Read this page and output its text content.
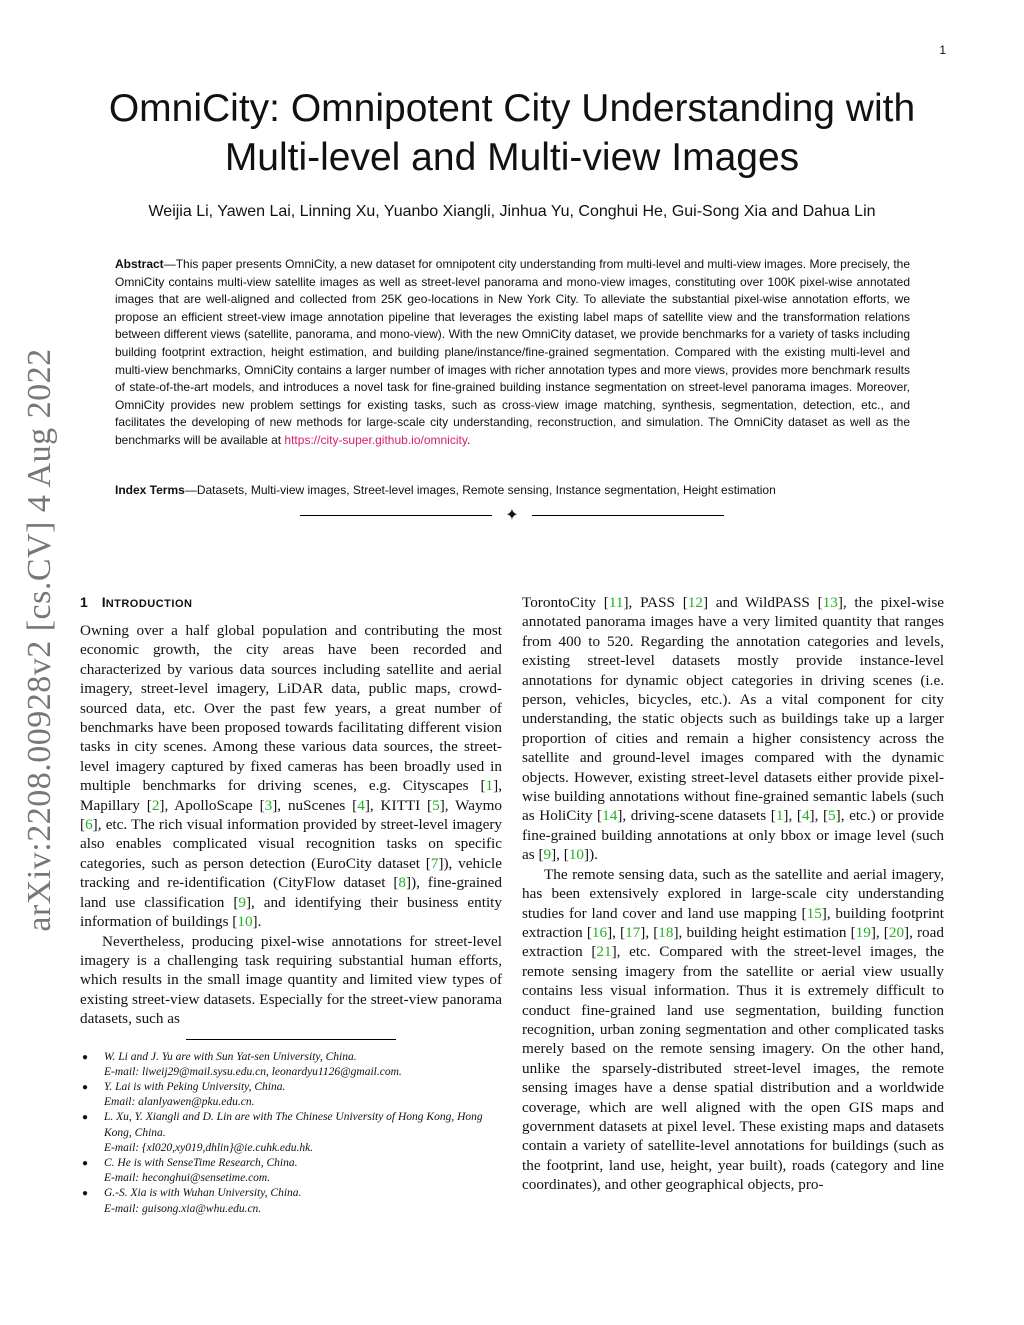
1
arXiv:2208.00928v2 [cs.CV] 4 Aug 2022
OmniCity: Omnipotent City Understanding with
Multi-level and Multi-view Images
Weijia Li, Yawen Lai, Linning Xu, Yuanbo Xiangli, Jinhua Yu, Conghui He, Gui-Song Xia and Dahua Lin
Abstract—This paper presents OmniCity, a new dataset for omnipotent city understanding from multi-level and multi-view images. More precisely, the OmniCity contains multi-view satellite images as well as street-level panorama and mono-view images, constituting over 100K pixel-wise annotated images that are well-aligned and collected from 25K geo-locations in New York City. To alleviate the substantial pixel-wise annotation efforts, we propose an efficient street-view image annotation pipeline that leverages the existing label maps of satellite view and the transformation relations between different views (satellite, panorama, and mono-view). With the new OmniCity dataset, we provide benchmarks for a variety of tasks including building footprint extraction, height estimation, and building plane/instance/fine-grained segmentation. Compared with the existing multi-level and multi-view benchmarks, OmniCity contains a larger number of images with richer annotation types and more views, provides more benchmark results of state-of-the-art models, and introduces a novel task for fine-grained building instance segmentation on street-level panorama images. Moreover, OmniCity provides new problem settings for existing tasks, such as cross-view image matching, synthesis, segmentation, detection, etc., and facilitates the developing of new methods for large-scale city understanding, reconstruction, and simulation. The OmniCity dataset as well as the benchmarks will be available at https://city-super.github.io/omnicity.
Index Terms—Datasets, Multi-view images, Street-level images, Remote sensing, Instance segmentation, Height estimation
✦
1 INTRODUCTION

Owning over a half global population and contributing the most economic growth, the city areas have been recorded and characterized by various data sources including satellite and aerial imagery, street-level imagery, LiDAR data, public maps, crowd-sourced data, etc. Over the past few years, a great number of benchmarks have been proposed towards facilitating different vision tasks in city scenes. Among these various data sources, the street-level imagery captured by fixed cameras has been broadly used in multiple benchmarks for driving scenes, e.g. Cityscapes [1], Mapillary [2], ApolloScape [3], nuScenes [4], KITTI [5], Waymo [6], etc. The rich visual information provided by street-level imagery also enables complicated visual recognition tasks on specific categories, such as person detection (EuroCity dataset [7]), vehicle tracking and re-identification (CityFlow dataset [8]), fine-grained land use classification [9], and identifying their business entity information of buildings [10].

Nevertheless, producing pixel-wise annotations for street-level imagery is a challenging task requiring substantial human efforts, which results in the small image quantity and limited view types of existing street-view datasets. Especially for the street-view panorama datasets, such as

● W. Li and J. Yu are with Sun Yat-sen University, China.
E-mail: liweij29@mail.sysu.edu.cn, leonardyu1126@gmail.com.
● Y. Lai is with Peking University, China.
Email: alanlyawen@pku.edu.cn.
● L. Xu, Y. Xiangli and D. Lin are with The Chinese University of Hong Kong, Hong Kong, China.
E-mail: {xl020,xy019,dhlin}@ie.cuhk.edu.hk.
● C. He is with SenseTime Research, China.
E-mail: heconghui@sensetime.com.
● G.-S. Xia is with Wuhan University, China.
E-mail: guisong.xia@whu.edu.cn.

TorontoCity [11], PASS [12] and WildPASS [13], the pixel-wise annotated panorama images have a very limited quantity that ranges from 400 to 520. Regarding the annotation categories and levels, existing street-level datasets mostly provide instance-level annotations for dynamic object categories in driving scenes (i.e. person, vehicles, bicycles, etc.). As a vital component for city understanding, the static objects such as buildings take up a larger proportion of cities and remain a higher consistency across the satellite and ground-level images compared with the dynamic objects. However, existing street-level datasets either provide pixel-wise building annotations without fine-grained semantic labels (such as HoliCity [14], driving-scene datasets [1], [4], [5], etc.) or provide fine-grained building annotations at only bbox or image level (such as [9], [10]).

The remote sensing data, such as the satellite and aerial imagery, has been extensively explored in large-scale city understanding studies for land cover and land use mapping [15], building footprint extraction [16], [17], [18], building height estimation [19], [20], road extraction [21], etc. Compared with the street-level images, the remote sensing imagery from the satellite or aerial view usually contains less visual information. Thus it is extremely difficult to conduct fine-grained land use segmentation, building function recognition, urban zoning segmentation and other complicated tasks merely based on the remote sensing imagery. On the other hand, unlike the sparsely-distributed street-level images, the remote sensing images have a dense spatial distribution and a worldwide coverage, which are well aligned with the open GIS maps and government datasets at pixel level. These existing maps and datasets contain a variety of satellite-level annotations for buildings (such as the footprint, land use, height, year built), roads (category and line coordinates), and other geographical objects, pro-
